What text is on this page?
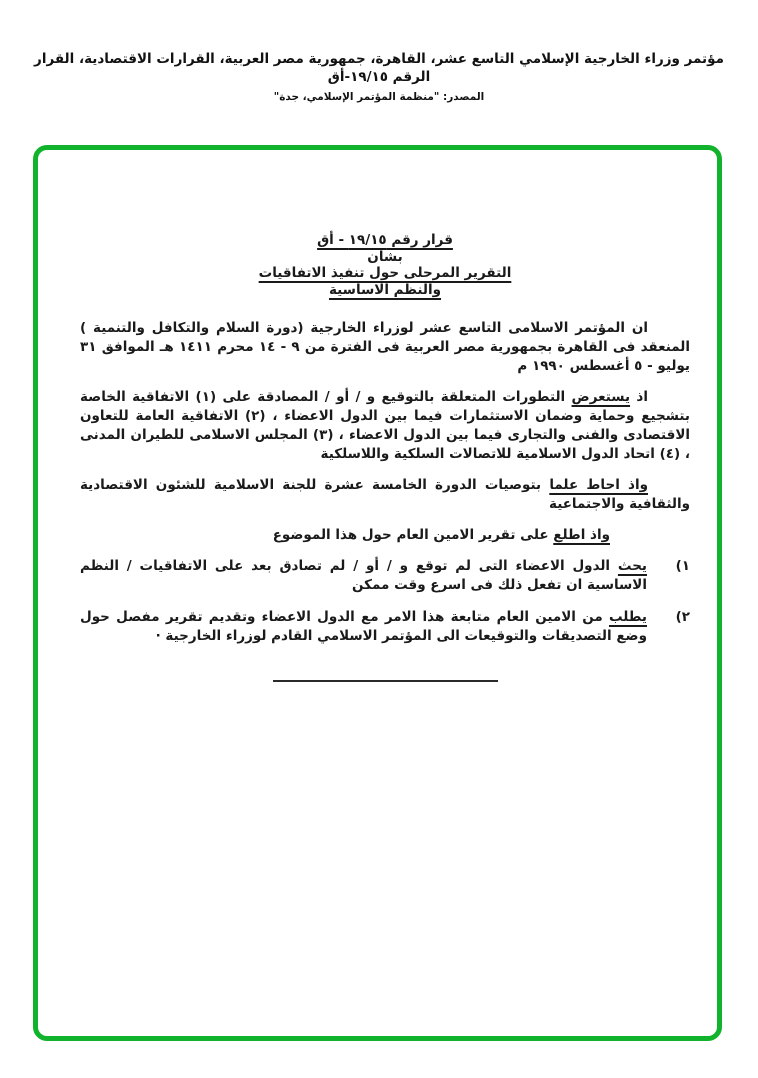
مؤتمر وزراء الخارجية الإسلامي التاسع عشر، القاهرة، جمهورية مصر العربية، القرارات الاقتصادية، القرار الرقم ١٩/١٥-أق
المصدر: "منظمة المؤتمر الإسلامي، جدة"
قرار رقم ١٩/١٥ - أق
بشان
التقرير المرحلى حول تنفيذ الاتفاقيات
والنظم الاساسية

ان المؤتمر الاسلامى التاسع عشر لوزراء الخارجية (دورة السلام والتكافل والتنمية ) المنعقد فى القاهرة بجمهورية مصر العربية فى الفترة من ٩ - ١٤ محرم ١٤١١ هـ الموافق ٣١ يوليو - ٥ أغسطس ١٩٩٠ م

اذ يستعرض التطورات المتعلقة بالتوقيع و / أو / المصادقة على (١) الاتفاقية الخاصة بتشجيع وحماية وضمان الاستثمارات فيما بين الدول الاعضاء ، (٢) الاتفاقية العامة للتعاون الاقتصادى والفنى والتجارى فيما بين الدول الاعضاء ، (٣) المجلس الاسلامى للطيران المدنى ، (٤) اتحاد الدول الاسلامية للاتصالات السلكية واللاسلكية

واذ احاط علما بتوصيات الدورة الخامسة عشرة للجنة الاسلامية للشئون الاقتصادية والثقافية والاجتماعية

واذ اطلع على تقرير الامين العام حول هذا الموضوع

١)
يحث الدول الاعضاء التى لم توقع و / أو / لم تصادق بعد على الاتفاقيات / النظم الاساسية ان تفعل ذلك فى اسرع وقت ممكن
٢)
يطلب من الامين العام متابعة هذا الامر مع الدول الاعضاء وتقديم تقرير مفصل حول وضع التصديقات والتوقيعات الى المؤتمر الاسلامي القادم لوزراء الخارجية ·
